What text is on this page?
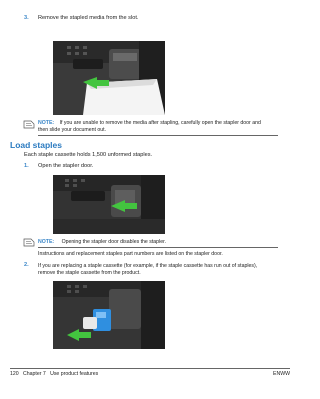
3. Remove the stapled media from the slot.
NOTE: If you are unable to remove the media after stapling, carefully open the stapler door and
then slide your document out.
Load staples
Each staple cassette holds 1,500 unformed staples.
1. Open the stapler door.
NOTE: Opening the stapler door disables the stapler.
Instructions and replacement staples part numbers are listed on the stapler door.
2. If you are replacing a staple cassette (for example, if the staple cassette has run out of staples),
remove the staple cassette from the product.
120 Chapter 7   Use product features	ENWW
